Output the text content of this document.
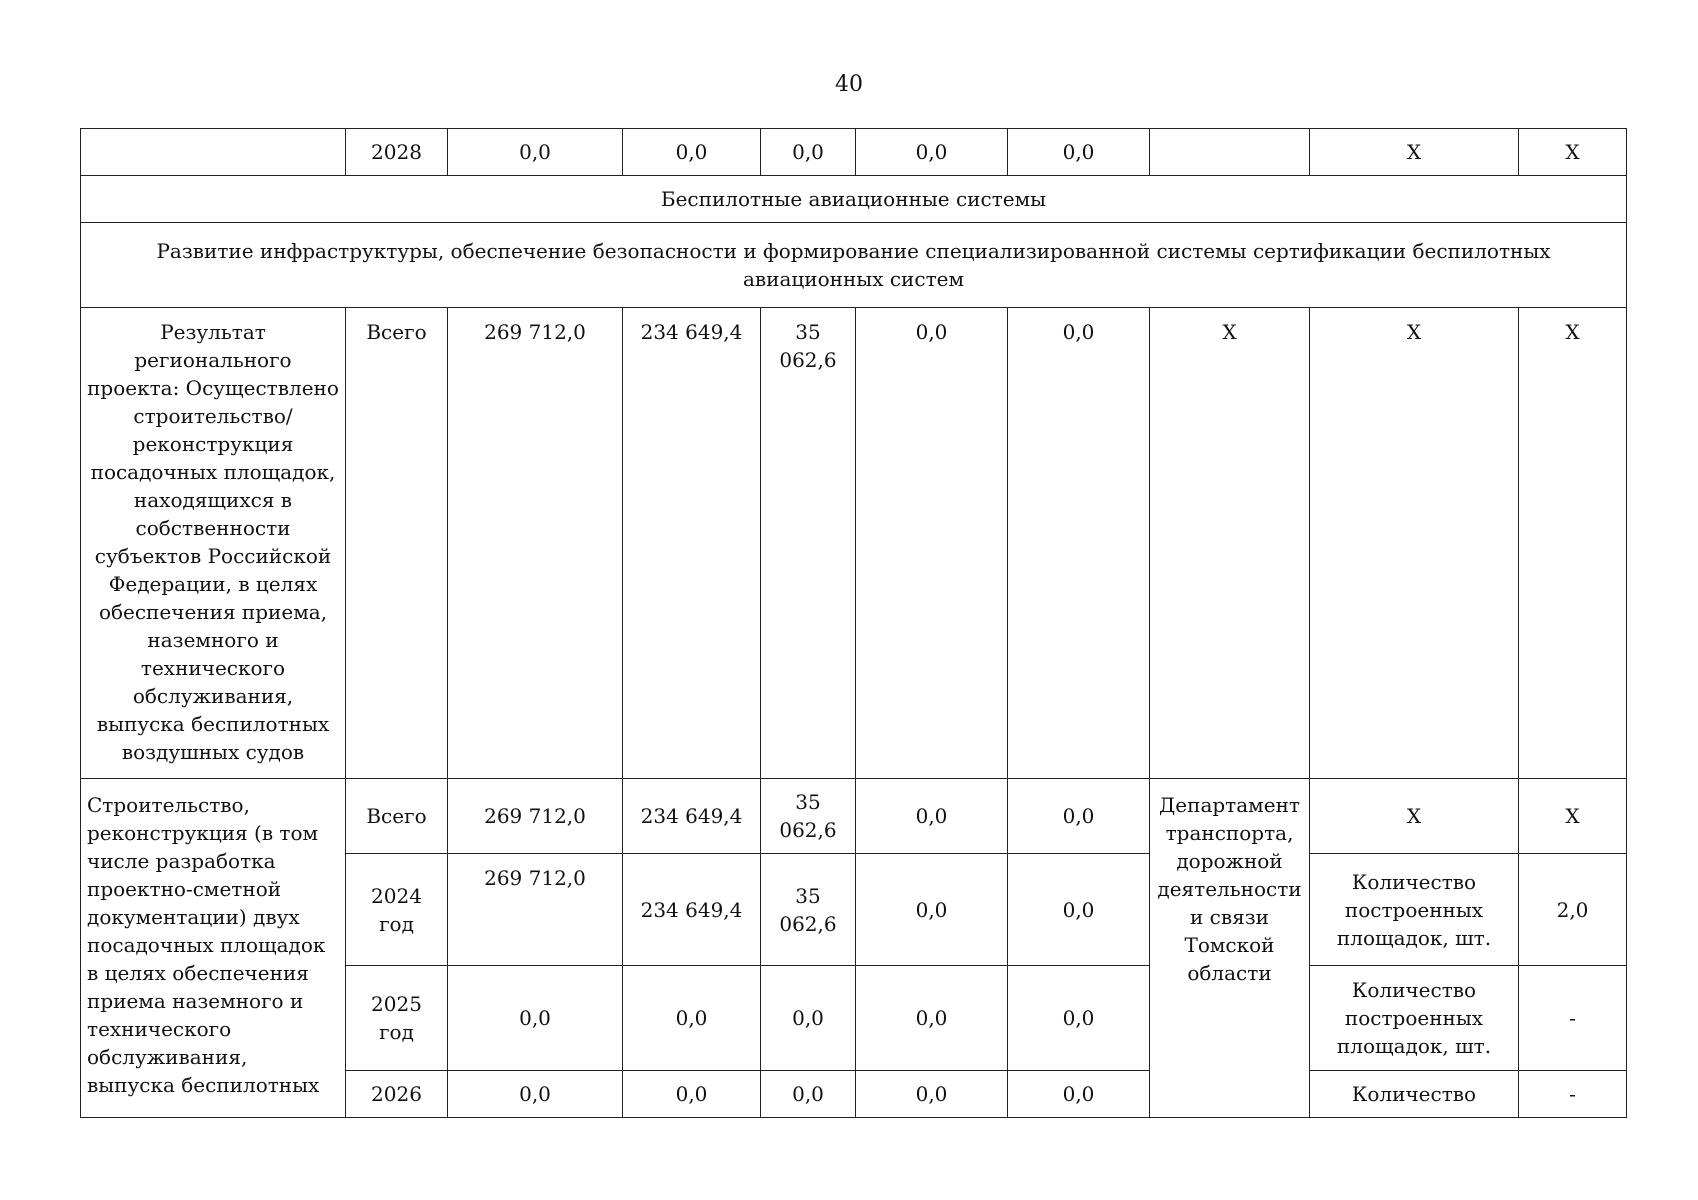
40
	2028	0,0	0,0	0,0	0,0	0,0		Х	Х
Беспилотные авиационные системы									
Развитие инфраструктуры, обеспечение безопасности и формирование специализированной системы сертификации беспилотных авиационных систем									
Результат регионального проекта: Осуществлено строительство/реконструкция посадочных площадок, находящихся в собственности субъектов Российской Федерации, в целях обеспечения приема, наземного и технического обслуживания, выпуска беспилотных воздушных судов	Всего	269 712,0	234 649,4	35 062,6	0,0	0,0	Х	Х	Х
Строительство, реконструкция (в том числе разработка проектно-сметной документации) двух посадочных площадок в целях обеспечения приема наземного и технического обслуживания, выпуска беспилотных	Всего	269 712,0	234 649,4	35 062,6	0,0	0,0	Департамент транспорта, дорожной деятельности и связи Томской области	Х	Х
	2024 год	269 712,0	234 649,4	35 062,6	0,0	0,0		Количество построенных площадок, шт.	2,0
	2025 год	0,0	0,0	0,0	0,0	0,0		Количество построенных площадок, шт.	-
	2026	0,0	0,0	0,0	0,0	0,0		Количество	-
